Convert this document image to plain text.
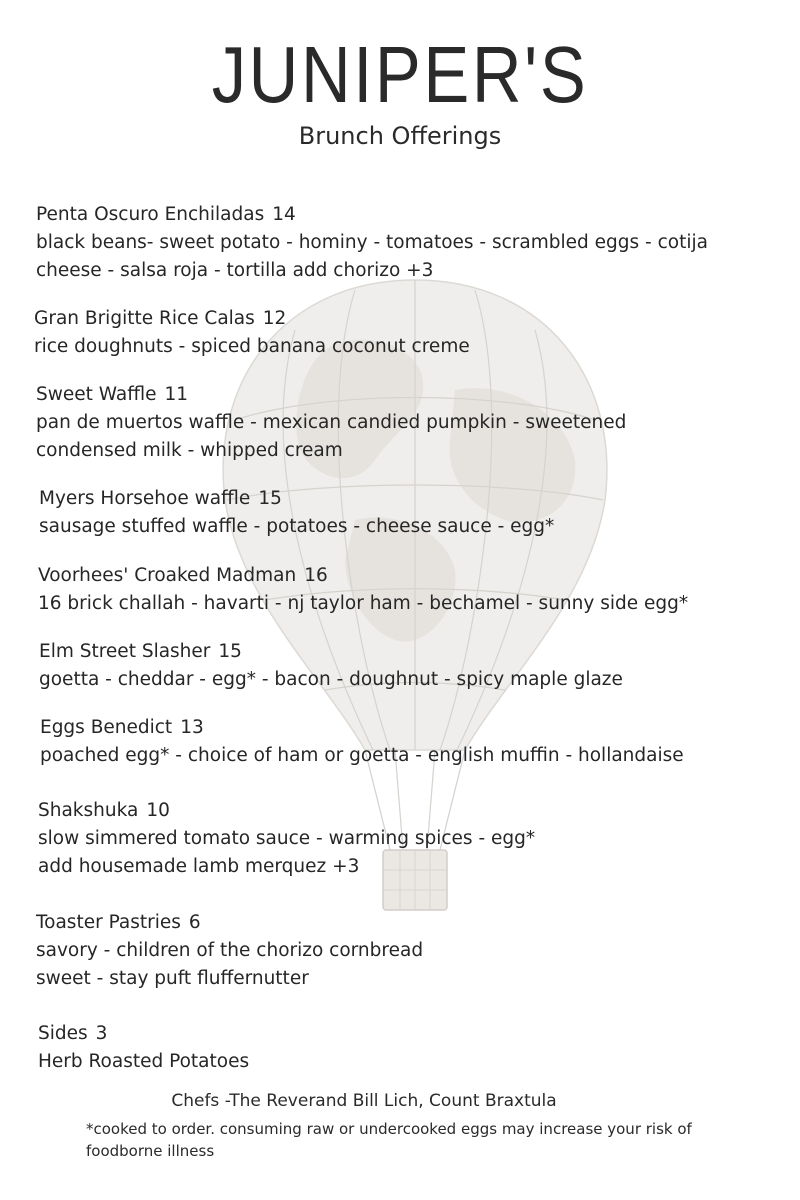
JUNIPER'S
Brunch Offerings
Penta Oscuro Enchiladas 14
black beans- sweet potato - hominy - tomatoes - scrambled eggs - cotija
cheese - salsa roja - tortilla add chorizo +3
Gran Brigitte Rice Calas 12
rice doughnuts - spiced banana coconut creme
Sweet Waffle 11
pan de muertos waffle - mexican candied pumpkin - sweetened
condensed milk - whipped cream
Myers Horsehoe waffle 15
sausage stuffed waffle - potatoes - cheese sauce - egg*
Voorhees' Croaked Madman 16
16 brick challah - havarti - nj taylor ham - bechamel - sunny side egg*
Elm Street Slasher 15
goetta - cheddar - egg* - bacon - doughnut - spicy maple glaze
Eggs Benedict 13
poached egg* - choice of ham or goetta - english muffin - hollandaise
Shakshuka 10
slow simmered tomato sauce - warming spices - egg*
add housemade lamb merquez +3
Toaster Pastries 6
savory - children of the chorizo cornbread
sweet - stay puft fluffernutter
Sides 3
Herb Roasted Potatoes
Chefs -The Reverand Bill Lich, Count Braxtula
*cooked to order. consuming raw or undercooked eggs may increase your risk of foodborne illness
